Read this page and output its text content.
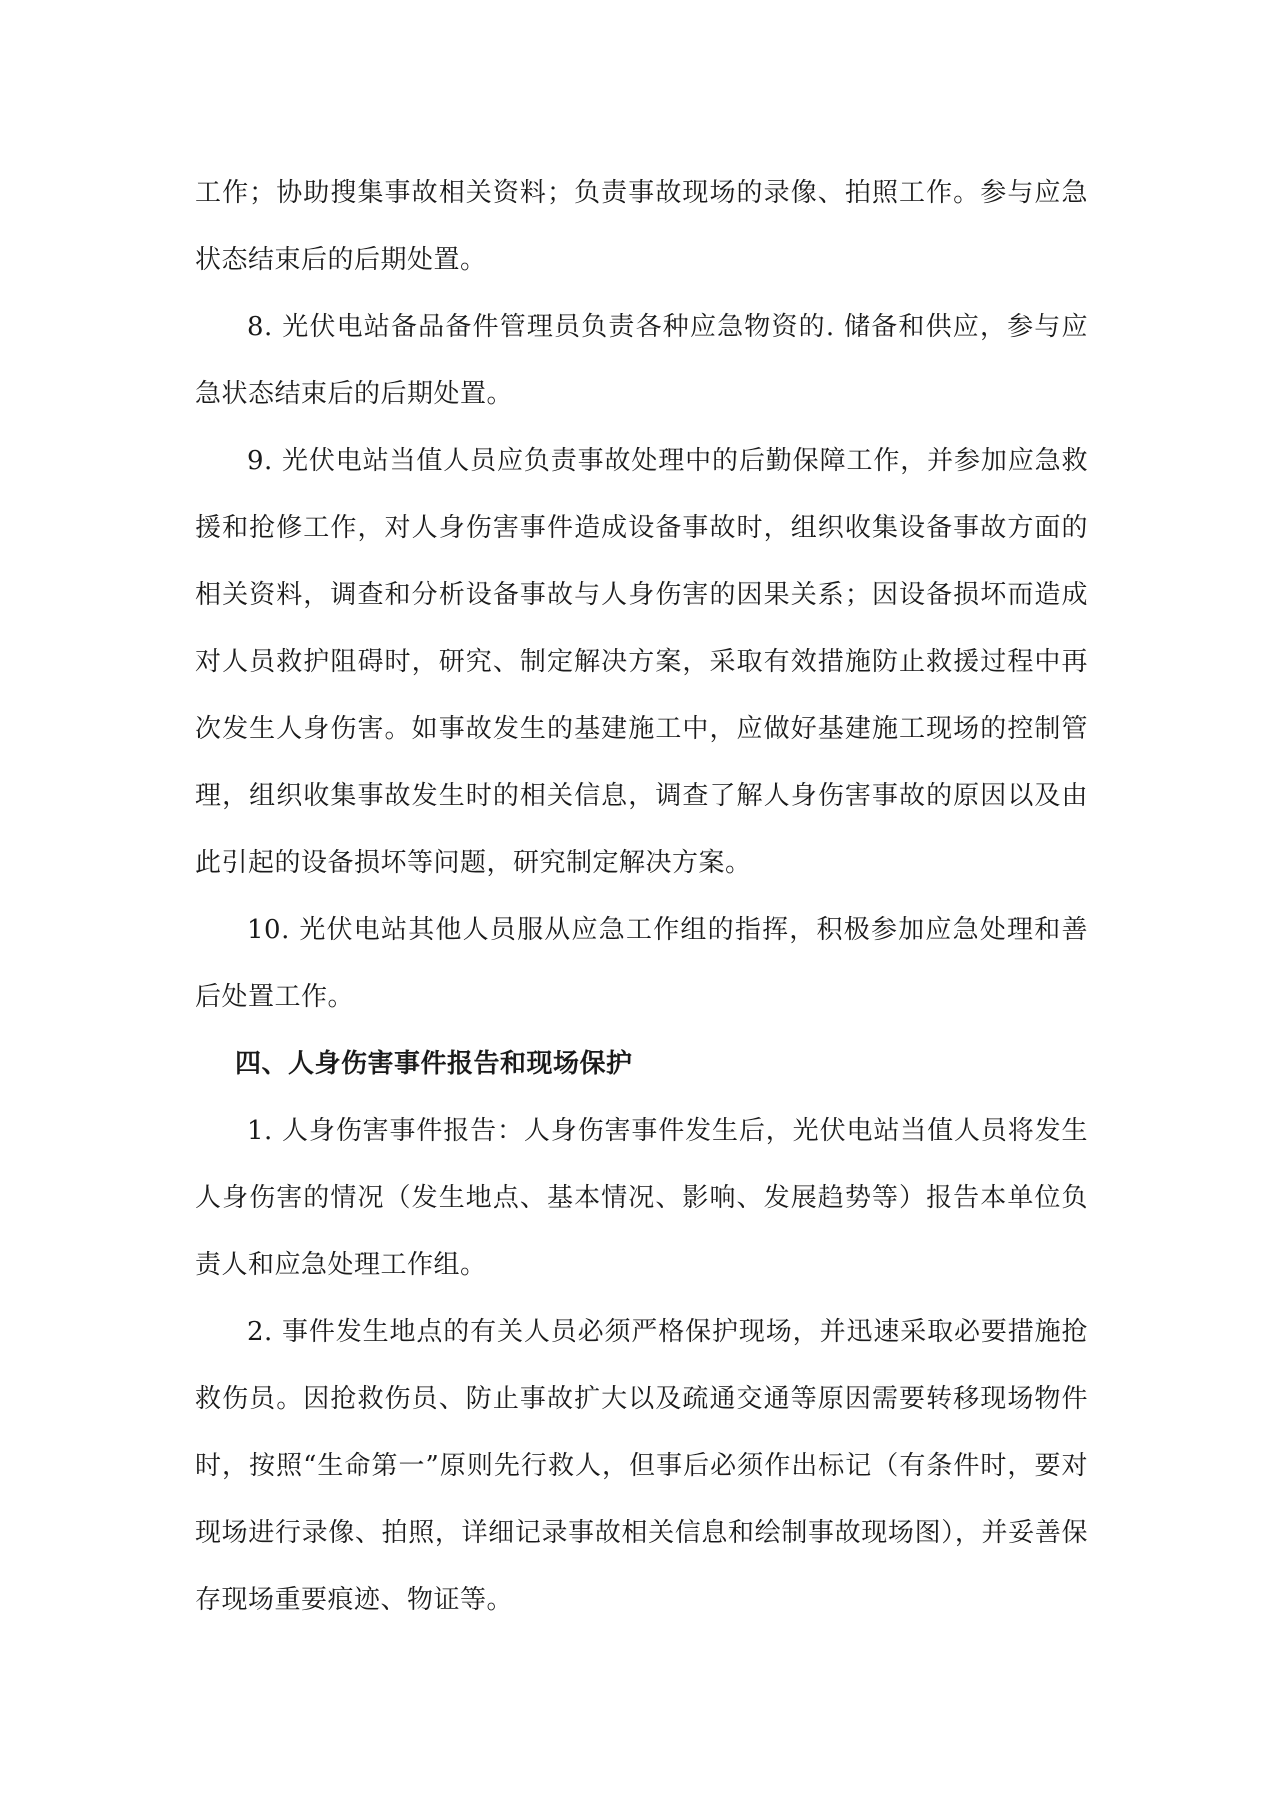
工作；协助搜集事故相关资料；负责事故现场的录像、拍照工作。参与应急状态结束后的后期处置。

8. 光伏电站备品备件管理员负责各种应急物资的. 储备和供应，参与应急状态结束后的后期处置。

9. 光伏电站当值人员应负责事故处理中的后勤保障工作，并参加应急救援和抢修工作，对人身伤害事件造成设备事故时，组织收集设备事故方面的相关资料，调查和分析设备事故与人身伤害的因果关系；因设备损坏而造成对人员救护阻碍时，研究、制定解决方案，采取有效措施防止救援过程中再次发生人身伤害。如事故发生的基建施工中，应做好基建施工现场的控制管理，组织收集事故发生时的相关信息，调查了解人身伤害事故的原因以及由此引起的设备损坏等问题，研究制定解决方案。

10. 光伏电站其他人员服从应急工作组的指挥，积极参加应急处理和善后处置工作。

四、人身伤害事件报告和现场保护

1. 人身伤害事件报告：人身伤害事件发生后，光伏电站当值人员将发生人身伤害的情况（发生地点、基本情况、影响、发展趋势等）报告本单位负责人和应急处理工作组。

2. 事件发生地点的有关人员必须严格保护现场，并迅速采取必要措施抢救伤员。因抢救伤员、防止事故扩大以及疏通交通等原因需要转移现场物件时，按照“生命第一”原则先行救人，但事后必须作出标记（有条件时，要对现场进行录像、拍照，详细记录事故相关信息和绘制事故现场图），并妥善保存现场重要痕迹、物证等。
